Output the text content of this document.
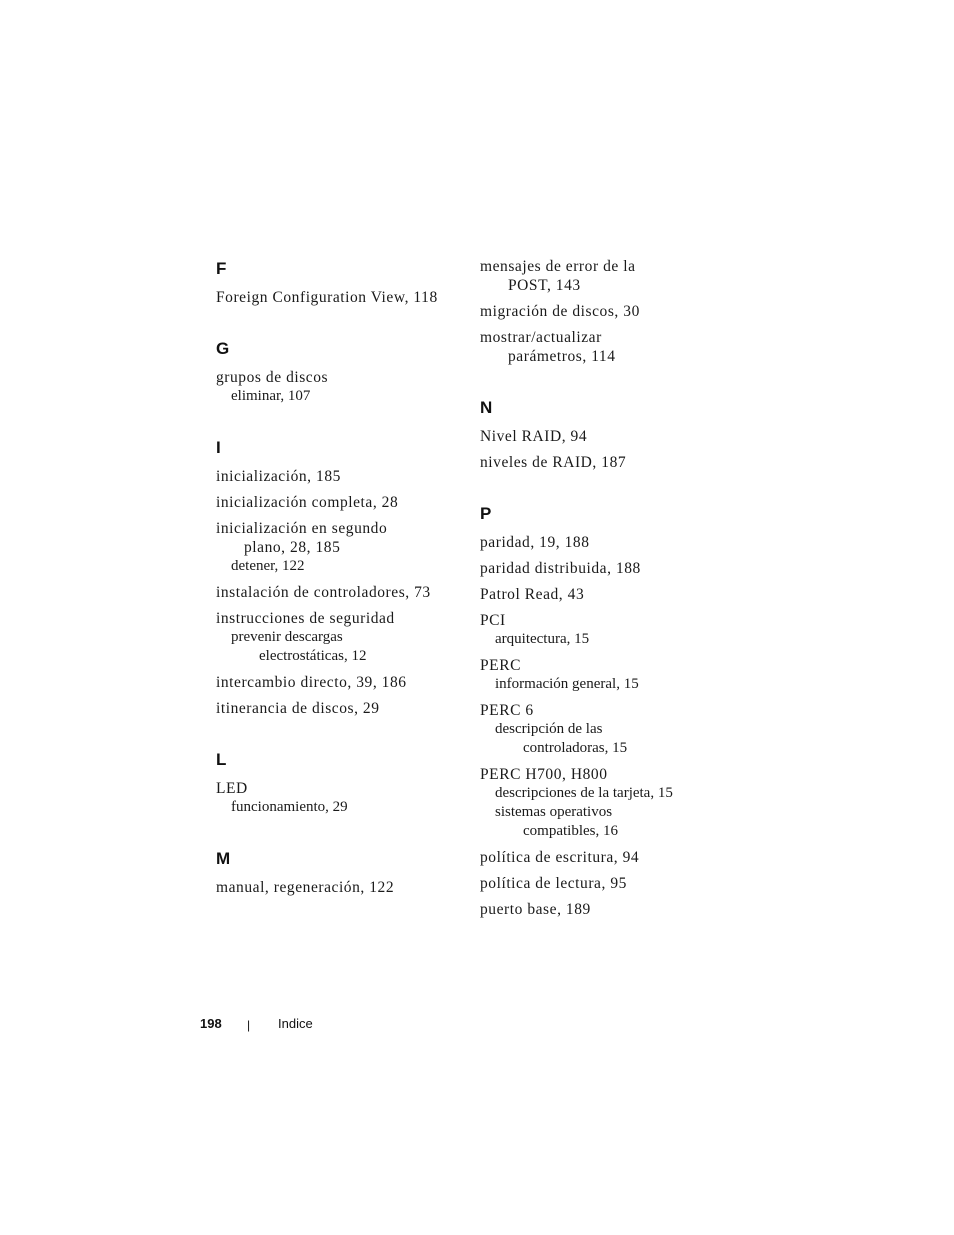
F

Foreign Configuration View, 118

G

grupos de discos

eliminar, 107

I

inicialización, 185

inicialización completa, 28

inicialización en segundo
plano, 28, 185

detener, 122

instalación de controladores, 73

instrucciones de seguridad

prevenir descargas
electrostáticas, 12

intercambio directo, 39, 186

itinerancia de discos, 29

L

LED

funcionamiento, 29

M

manual, regeneración, 122

mensajes de error de la
POST, 143

migración de discos, 30

mostrar/actualizar
parámetros, 114

N

Nivel RAID, 94

niveles de RAID, 187

P

paridad, 19, 188

paridad distribuida, 188

Patrol Read, 43

PCI

arquitectura, 15

PERC

información general, 15

PERC 6

descripción de las
controladoras, 15

PERC H700, H800

descripciones de la tarjeta, 15

sistemas operativos
compatibles, 16

política de escritura, 94

política de lectura, 95

puerto base, 189

198 | Indice
